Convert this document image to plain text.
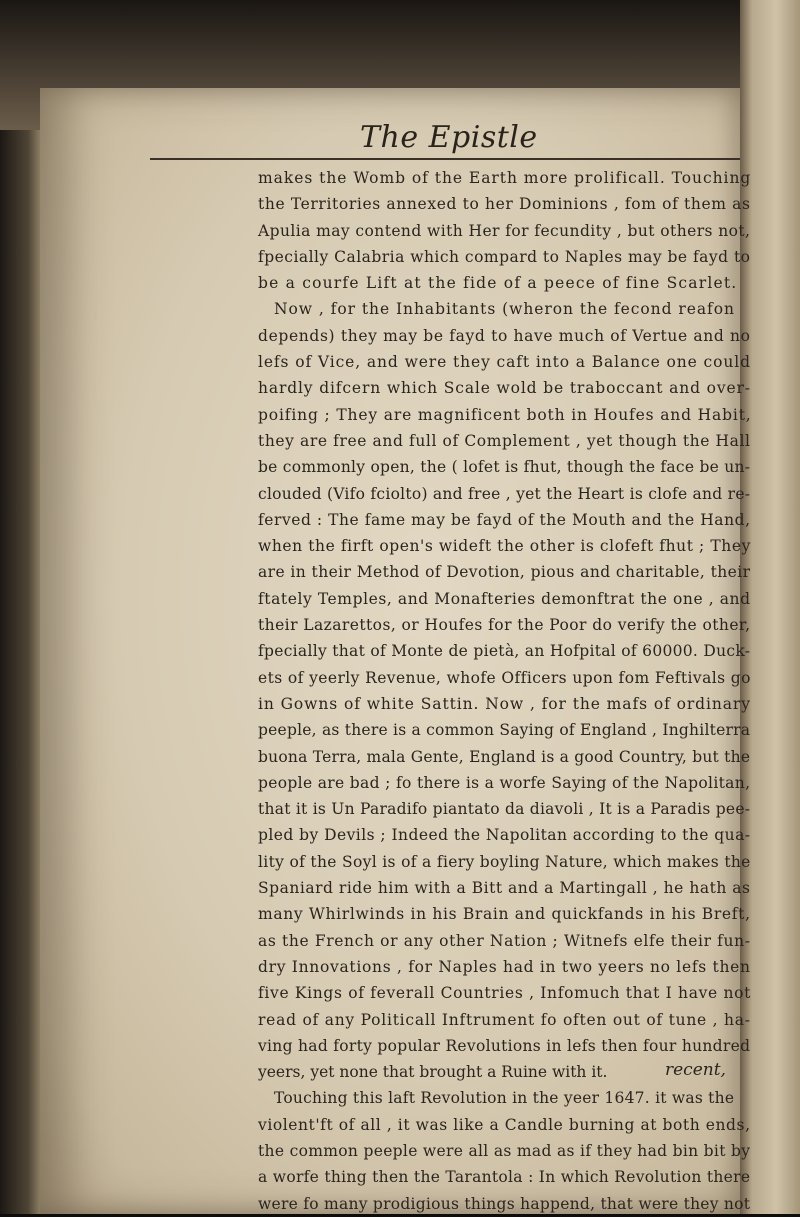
The Epistle
makes the Womb of the Earth more prolificall. Touching
the Territories annexed to her Dominions , fom of them as
Apulia may contend with Her for fecundity , but others not,
fpecially Calabria which compard to Naples may be fayd to
be a courfe Lift at the fide of a peece of fine Scarlet.
Now , for the Inhabitants (wheron the fecond reafon
depends) they may be fayd to have much of Vertue and no
lefs of Vice, and were they caft into a Balance one could
hardly difcern which Scale wold be traboccant and over-
poifing ; They are magnificent both in Houfes and Habit,
they are free and full of Complement , yet though the Hall
be commonly open, the ( lofet is fhut, though the face be un-
clouded (Vifo fciolto) and free , yet the Heart is clofe and re-
ferved : The fame may be fayd of the Mouth and the Hand,
when the firft open's wideft the other is clofeft fhut ; They
are in their Method of Devotion, pious and charitable, their
ftately Temples, and Monafteries demonftrat the one , and
their Lazarettos, or Houfes for the Poor do verify the other,
fpecially that of Monte de pietà, an Hofpital of 60000. Duck-
ets of yeerly Revenue, whofe Officers upon fom Feftivals go
in Gowns of white Sattin. Now , for the mafs of ordinary
peeple, as there is a common Saying of England , Inghilterra
buona Terra, mala Gente, England is a good Country, but the
people are bad ; fo there is a worfe Saying of the Napolitan,
that it is Un Paradifo piantato da diavoli , It is a Paradis pee-
pled by Devils ; Indeed the Napolitan according to the qua-
lity of the Soyl is of a fiery boyling Nature, which makes the
Spaniard ride him with a Bitt and a Martingall , he hath as
many Whirlwinds in his Brain and quickfands in his Breft,
as the French or any other Nation ; Witnefs elfe their fun-
dry Innovations , for Naples had in two yeers no lefs then
five Kings of feverall Countries , Infomuch that I have not
read of any Politicall Inftrument fo often out of tune , ha-
ving had forty popular Revolutions in lefs then four hundred
yeers, yet none that brought a Ruine with it.
Touching this laft Revolution in the yeer 1647. it was the
violent'ft of all , it was like a Candle burning at both ends,
the common peeple were all as mad as if they had bin bit by
a worfe thing then the Tarantola : In which Revolution there
were fo many prodigious things happend, that were they not
recent,
